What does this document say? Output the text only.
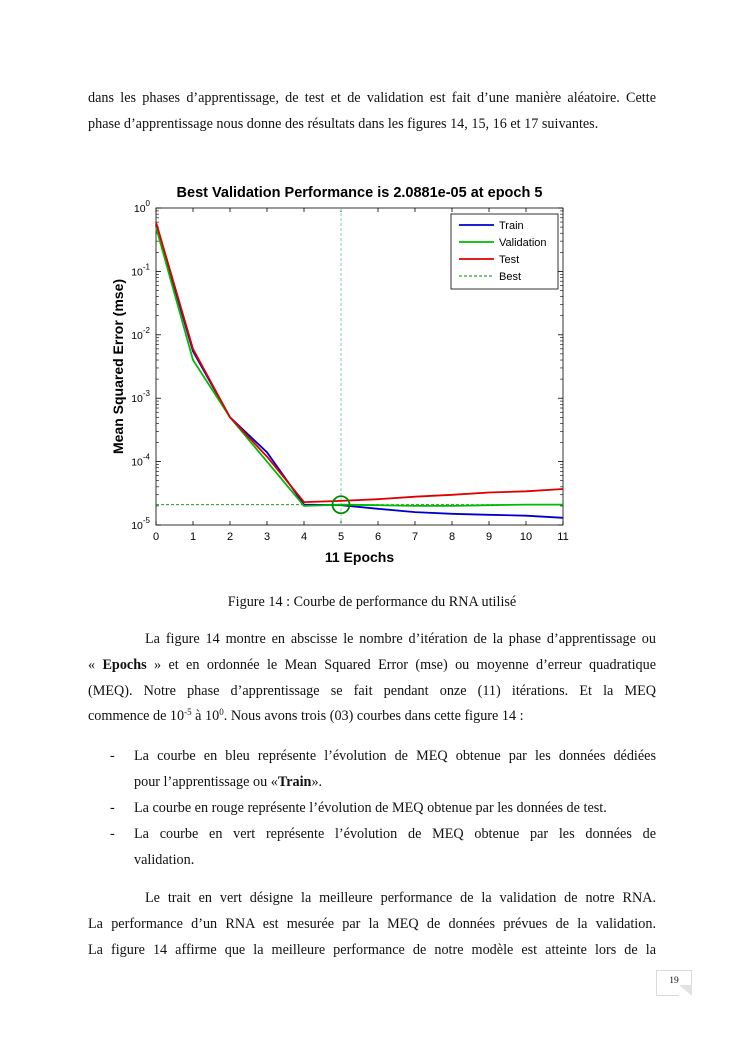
dans les phases d’apprentissage, de test et de validation est fait d’une manière aléatoire. Cette
phase d’apprentissage nous donne des résultats dans les figures 14, 15, 16 et 17 suivantes.

Best Validation Performance is 2.0881e-05 at epoch 5
0	1	2	3	4	5	6	7	8	9	10 11
$10^0$
$10^{-1}$
$10^{-2}$
$10^{-3}$
$10^{-4}$
$10^{-5}$
11 Epochs
Mean Squared Error (mse)
Train
Validation
Test
Best
Figure 14 : Courbe de performance du RNA utilisé

La figure 14 montre en abscisse le nombre d’itération de la phase d’apprentissage ou
« Epochs » et en ordonnée le Mean Squared Error (mse) ou moyenne d’erreur quadratique
(MEQ). Notre phase d’apprentissage se fait pendant onze (11) itérations. Et la MEQ
commence de $10^{-5}$ à $10^0$. Nous avons trois (03) courbes dans cette figure 14 :

- La courbe en bleu représente l’évolution de MEQ obtenue par les données dédiées
pour l’apprentissage ou «Train».
- La courbe en rouge représente l’évolution de MEQ obtenue par les données de test.
- La courbe en vert représente l’évolution de MEQ obtenue par les données de
validation.

Le trait en vert désigne la meilleure performance de la validation de notre RNA.
La performance d’un RNA est mesurée par la MEQ de données prévues de la validation.
La figure 14 affirme que la meilleure performance de notre modèle est atteinte lors de la

19
